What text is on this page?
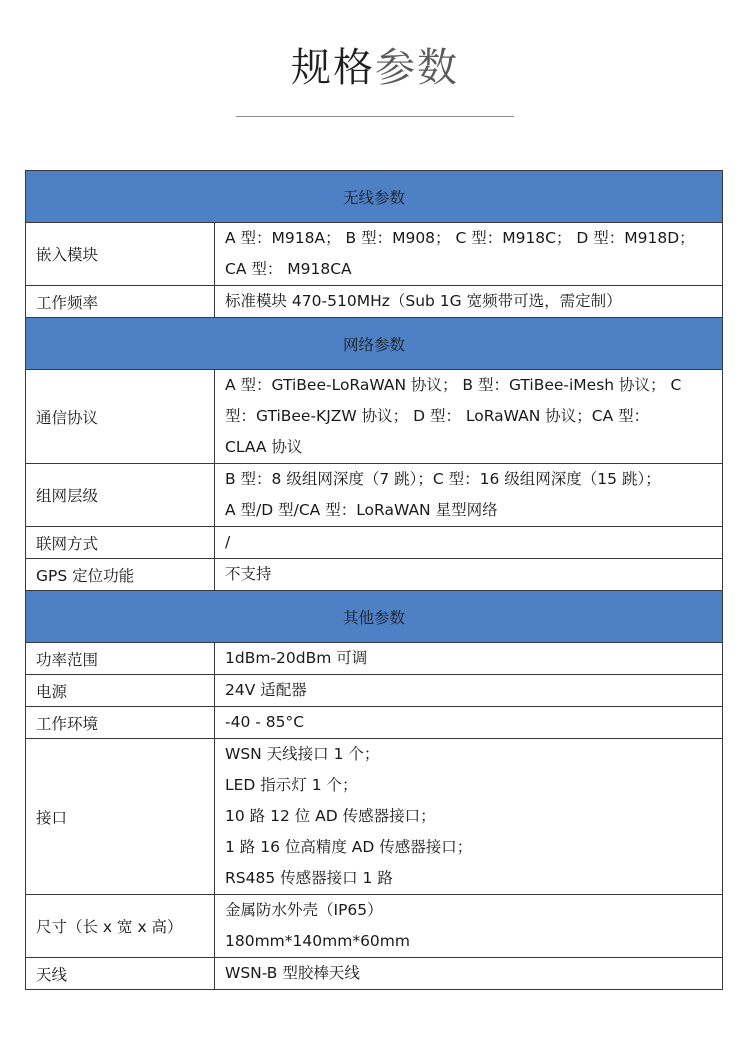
规格参数
无线参数	
嵌入模块	A 型：M918A； B 型：M908； C 型：M918C； D 型：M918D；
CA 型： M918CA

工作频率	标准模块 470-510MHz（Sub 1G 宽频带可选，需定制）

网络参数	
通信协议	A 型：GTiBee-LoRaWAN 协议； B 型：GTiBee-iMesh 协议； C
型：GTiBee-KJZW 协议； D 型： LoRaWAN 协议；CA 型：
CLAA 协议

组网层级	B 型：8 级组网深度（7 跳）；C 型：16 级组网深度（15 跳）；
A 型/D 型/CA 型：LoRaWAN 星型网络

联网方式	/

GPS 定位功能	不支持

其他参数	
功率范围	1dBm-20dBm 可调

电源	24V 适配器

工作环境	-40 - 85°C

接口	WSN 天线接口 1 个；
LED 指示灯 1 个；
10 路 12 位 AD 传感器接口；
1 路 16 位高精度 AD 传感器接口；
RS485 传感器接口 1 路

尺寸（长 x 宽 x 高）	金属防水外壳（IP65）
180mm*140mm*60mm

天线	WSN-B 型胶棒天线
